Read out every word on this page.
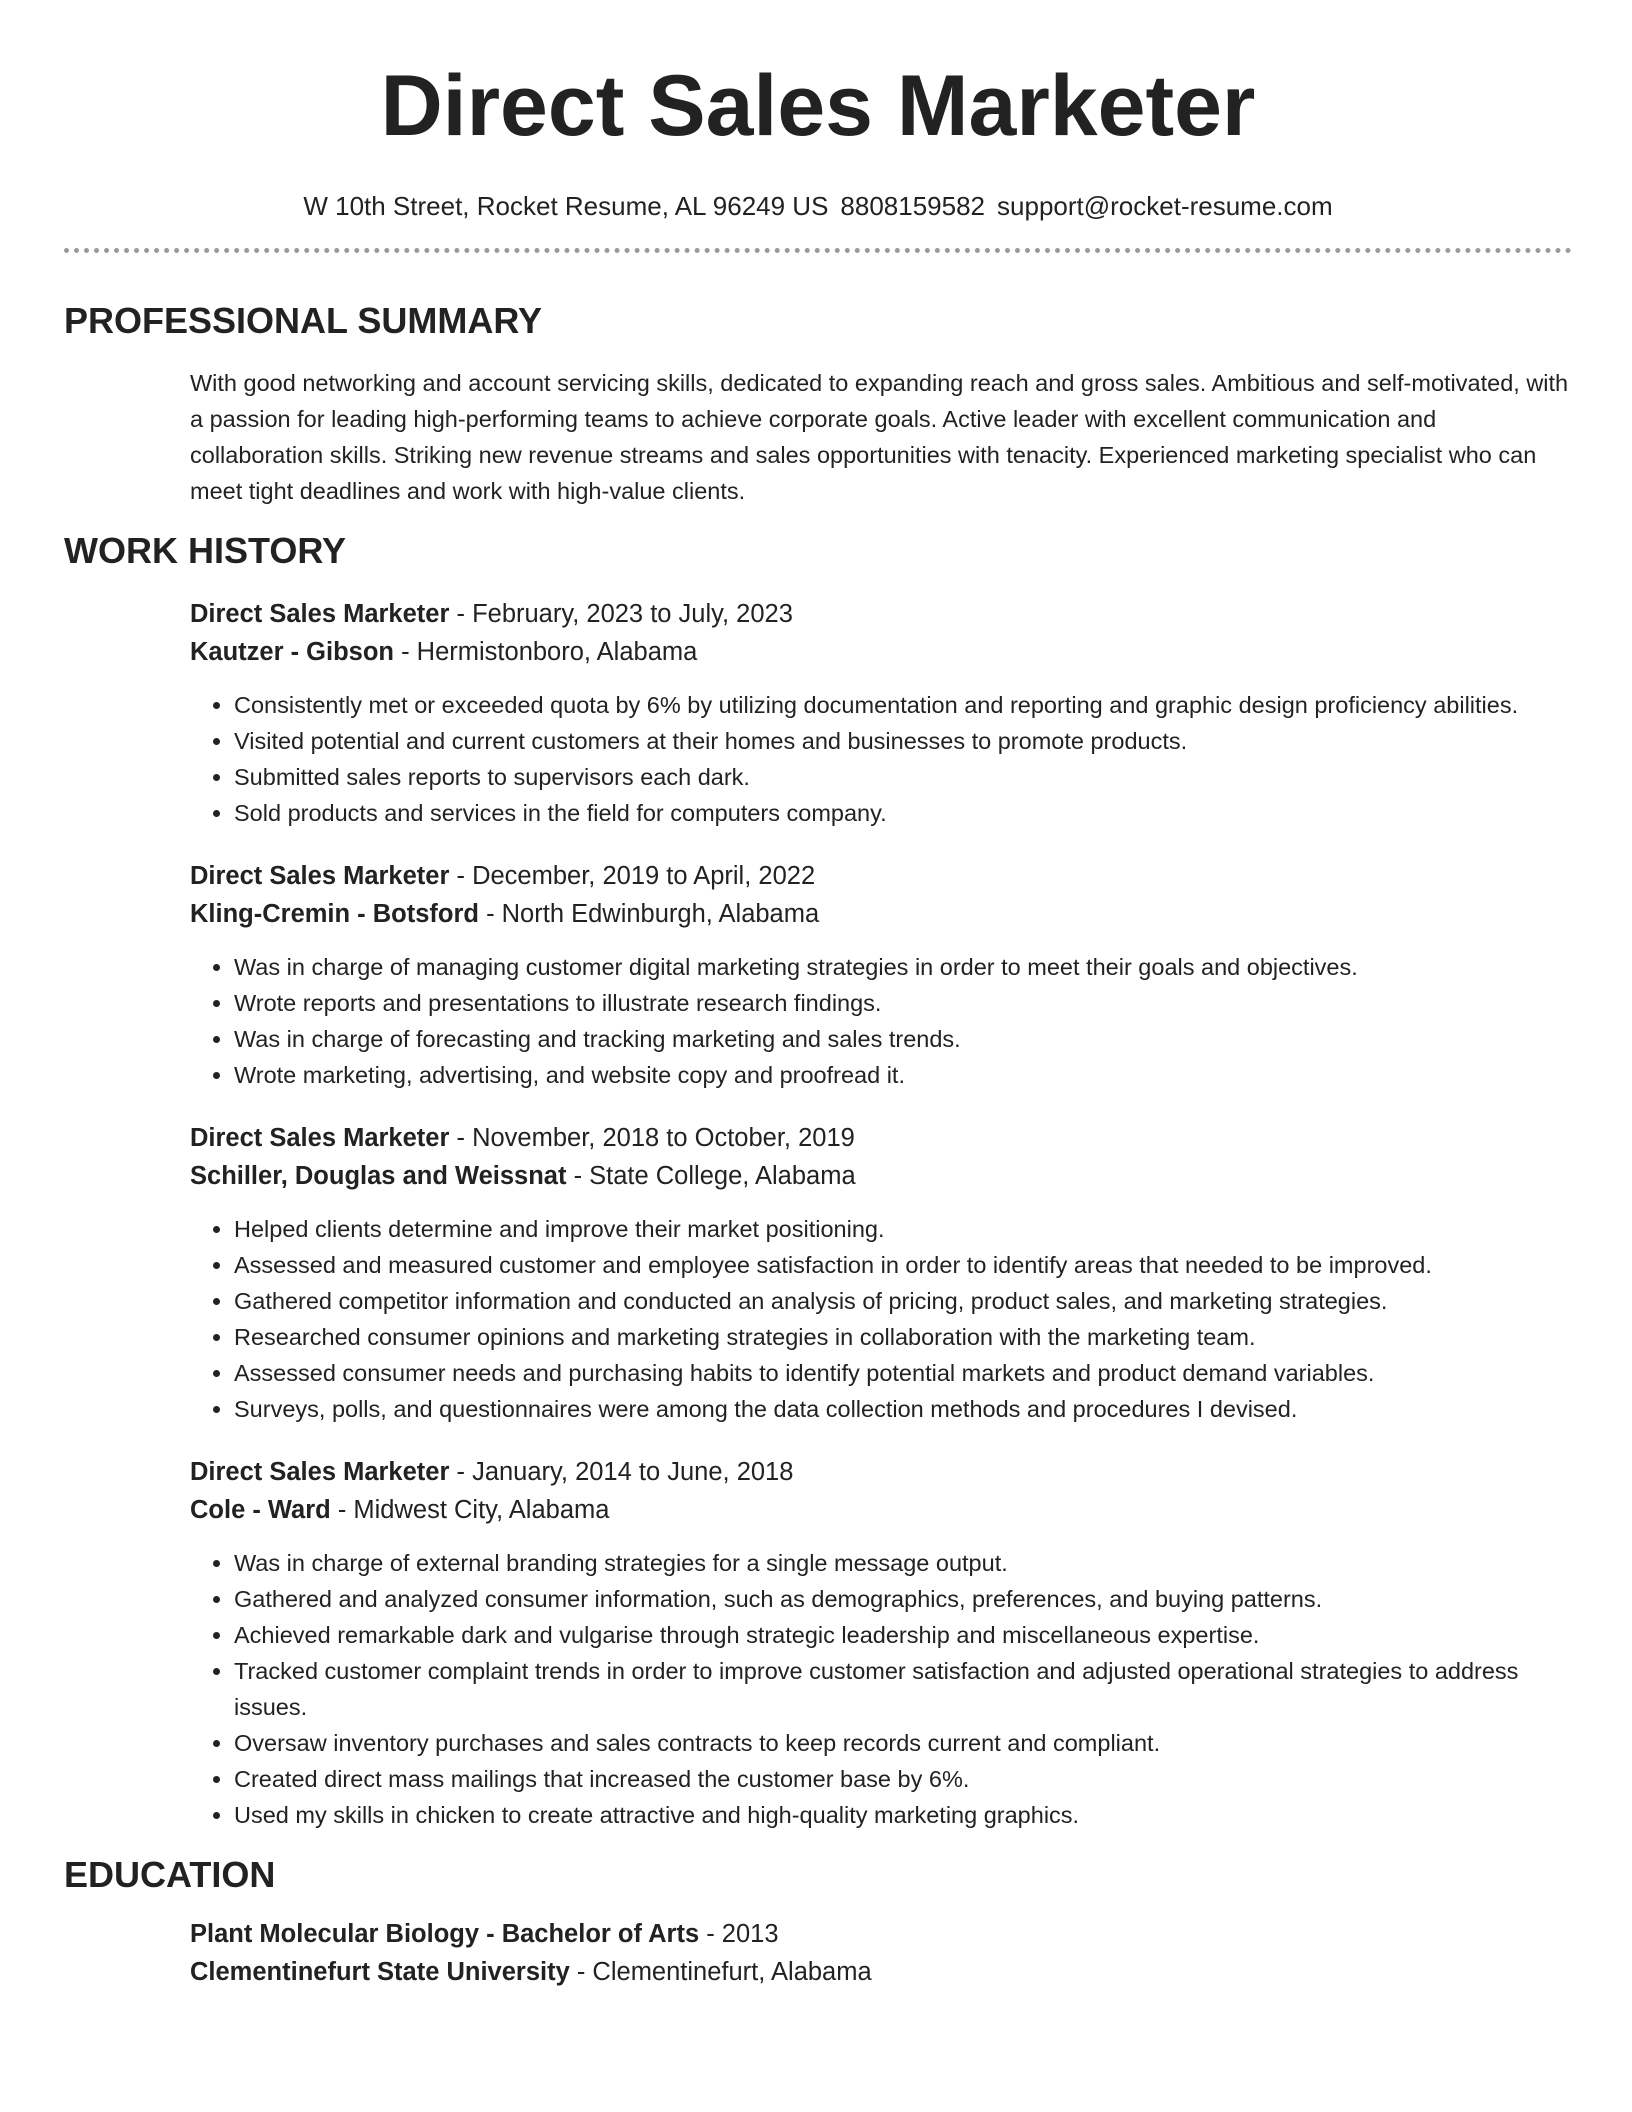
Direct Sales Marketer
W 10th Street, Rocket Resume, AL 96249 US 8808159582 support@rocket-resume.com
PROFESSIONAL SUMMARY
With good networking and account servicing skills, dedicated to expanding reach and gross sales. Ambitious and self-motivated, with a passion for leading high-performing teams to achieve corporate goals. Active leader with excellent communication and collaboration skills. Striking new revenue streams and sales opportunities with tenacity. Experienced marketing specialist who can meet tight deadlines and work with high-value clients.
WORK HISTORY
Direct Sales Marketer - February, 2023 to July, 2023
Kautzer - Gibson - Hermistonboro, Alabama
• Consistently met or exceeded quota by 6% by utilizing documentation and reporting and graphic design proficiency abilities.
• Visited potential and current customers at their homes and businesses to promote products.
• Submitted sales reports to supervisors each dark.
• Sold products and services in the field for computers company.
Direct Sales Marketer - December, 2019 to April, 2022
Kling-Cremin - Botsford - North Edwinburgh, Alabama
• Was in charge of managing customer digital marketing strategies in order to meet their goals and objectives.
• Wrote reports and presentations to illustrate research findings.
• Was in charge of forecasting and tracking marketing and sales trends.
• Wrote marketing, advertising, and website copy and proofread it.
Direct Sales Marketer - November, 2018 to October, 2019
Schiller, Douglas and Weissnat - State College, Alabama
• Helped clients determine and improve their market positioning.
• Assessed and measured customer and employee satisfaction in order to identify areas that needed to be improved.
• Gathered competitor information and conducted an analysis of pricing, product sales, and marketing strategies.
• Researched consumer opinions and marketing strategies in collaboration with the marketing team.
• Assessed consumer needs and purchasing habits to identify potential markets and product demand variables.
• Surveys, polls, and questionnaires were among the data collection methods and procedures I devised.
Direct Sales Marketer - January, 2014 to June, 2018
Cole - Ward - Midwest City, Alabama
• Was in charge of external branding strategies for a single message output.
• Gathered and analyzed consumer information, such as demographics, preferences, and buying patterns.
• Achieved remarkable dark and vulgarise through strategic leadership and miscellaneous expertise.
• Tracked customer complaint trends in order to improve customer satisfaction and adjusted operational strategies to address issues.
• Oversaw inventory purchases and sales contracts to keep records current and compliant.
• Created direct mass mailings that increased the customer base by 6%.
• Used my skills in chicken to create attractive and high-quality marketing graphics.
EDUCATION
Plant Molecular Biology - Bachelor of Arts - 2013
Clementinefurt State University - Clementinefurt, Alabama
